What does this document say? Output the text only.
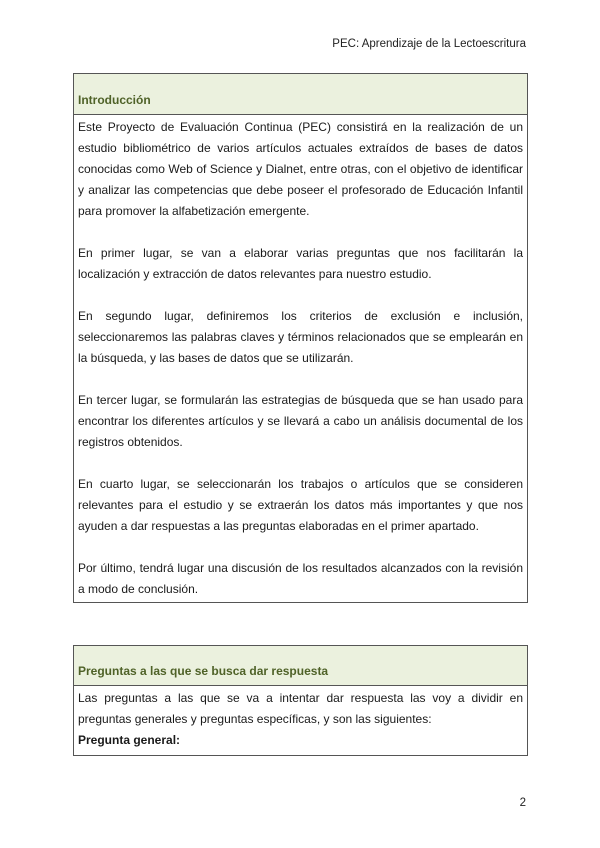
PEC: Aprendizaje de la Lectoescritura
Introducción

Este Proyecto de Evaluación Continua (PEC) consistirá en la realización de un estudio bibliométrico de varios artículos actuales extraídos de bases de datos conocidas como Web of Science y Dialnet, entre otras, con el objetivo de identificar y analizar las competencias que debe poseer el profesorado de Educación Infantil para promover la alfabetización emergente.

En primer lugar, se van a elaborar varias preguntas que nos facilitarán la localización y extracción de datos relevantes para nuestro estudio.

En segundo lugar, definiremos los criterios de exclusión e inclusión, seleccionaremos las palabras claves y términos relacionados que se emplearán en la búsqueda, y las bases de datos que se utilizarán.

En tercer lugar, se formularán las estrategias de búsqueda que se han usado para encontrar los diferentes artículos y se llevará a cabo un análisis documental de los registros obtenidos.

En cuarto lugar, se seleccionarán los trabajos o artículos que se consideren relevantes para el estudio y se extraerán los datos más importantes y que nos ayuden a dar respuestas a las preguntas elaboradas en el primer apartado.

Por último, tendrá lugar una discusión de los resultados alcanzados con la revisión a modo de conclusión.

Preguntas a las que se busca dar respuesta

Las preguntas a las que se va a intentar dar respuesta las voy a dividir en preguntas generales y preguntas específicas, y son las siguientes:

Pregunta general:
2
